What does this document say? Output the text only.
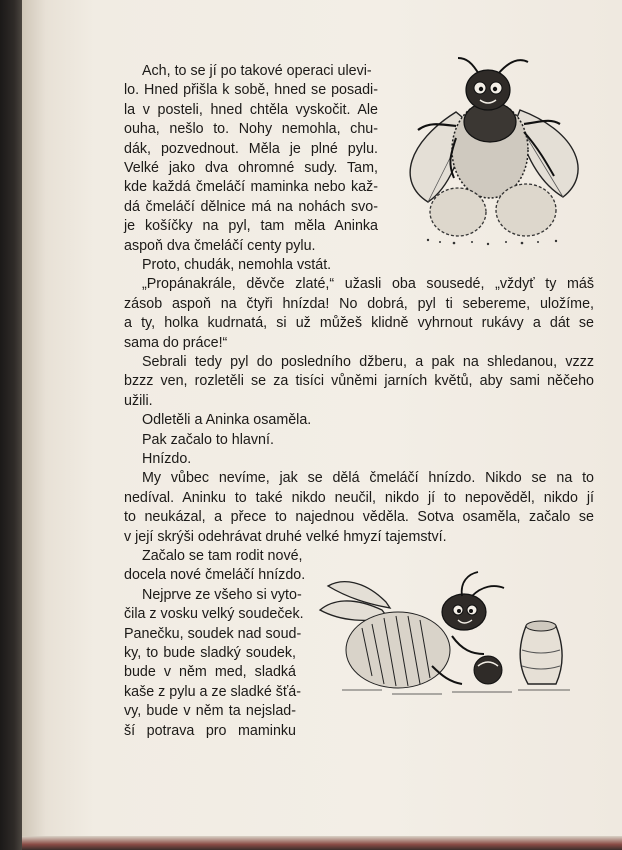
Ach, to se jí po takové operaci ulevi-
lo. Hned přišla k sobě, hned se posadi-
la v posteli, hned chtěla vyskočit. Ale
ouha, nešlo to. Nohy nemohla, chu-
dák, pozvednout. Měla je plné pylu.
Velké jako dva ohromné sudy. Tam,
kde každá čmeláčí maminka nebo kaž-
dá čmeláčí dělnice má na nohách svo-
je košíčky na pyl, tam měla Aninka
aspoň dva čmeláčí centy pylu.
Proto, chudák, nemohla vstát.
„Propánakrále, děvče zlaté,“ užasli oba sousedé, „vždyť ty máš
zásob aspoň na čtyři hnízda! No dobrá, pyl ti sebereme, uložíme,
a ty, holka kudrnatá, si už můžeš klidně vyhrnout rukávy a dát se
sama do práce!“
Sebrali tedy pyl do posledního džberu, a pak na shledanou, vzzz
bzzz ven, rozletěli se za tisíci vůněmi jarních květů, aby sami něčeho
užili.
Odletěli a Aninka osaměla.
Pak začalo to hlavní.
Hnízdo.
My vůbec nevíme, jak se dělá čmeláčí hnízdo. Nikdo se na to
nedíval. Aninku to také nikdo neučil, nikdo jí to nepověděl, nikdo jí
to neukázal, a přece to najednou věděla. Sotva osaměla, začalo se
v její skrýši odehrávat druhé velké hmyzí tajemství.
Začalo se tam rodit nové,
docela nové čmeláčí hnízdo.
Nejprve ze všeho si vyto-
čila z vosku velký soudeček.
Panečku, soudek nad soud-
ky, to bude sladký soudek,
bude v něm med, sladká
kaše z pylu a ze sladké šťá-
vy, bude v něm ta nejslad-
ší potrava pro maminku
